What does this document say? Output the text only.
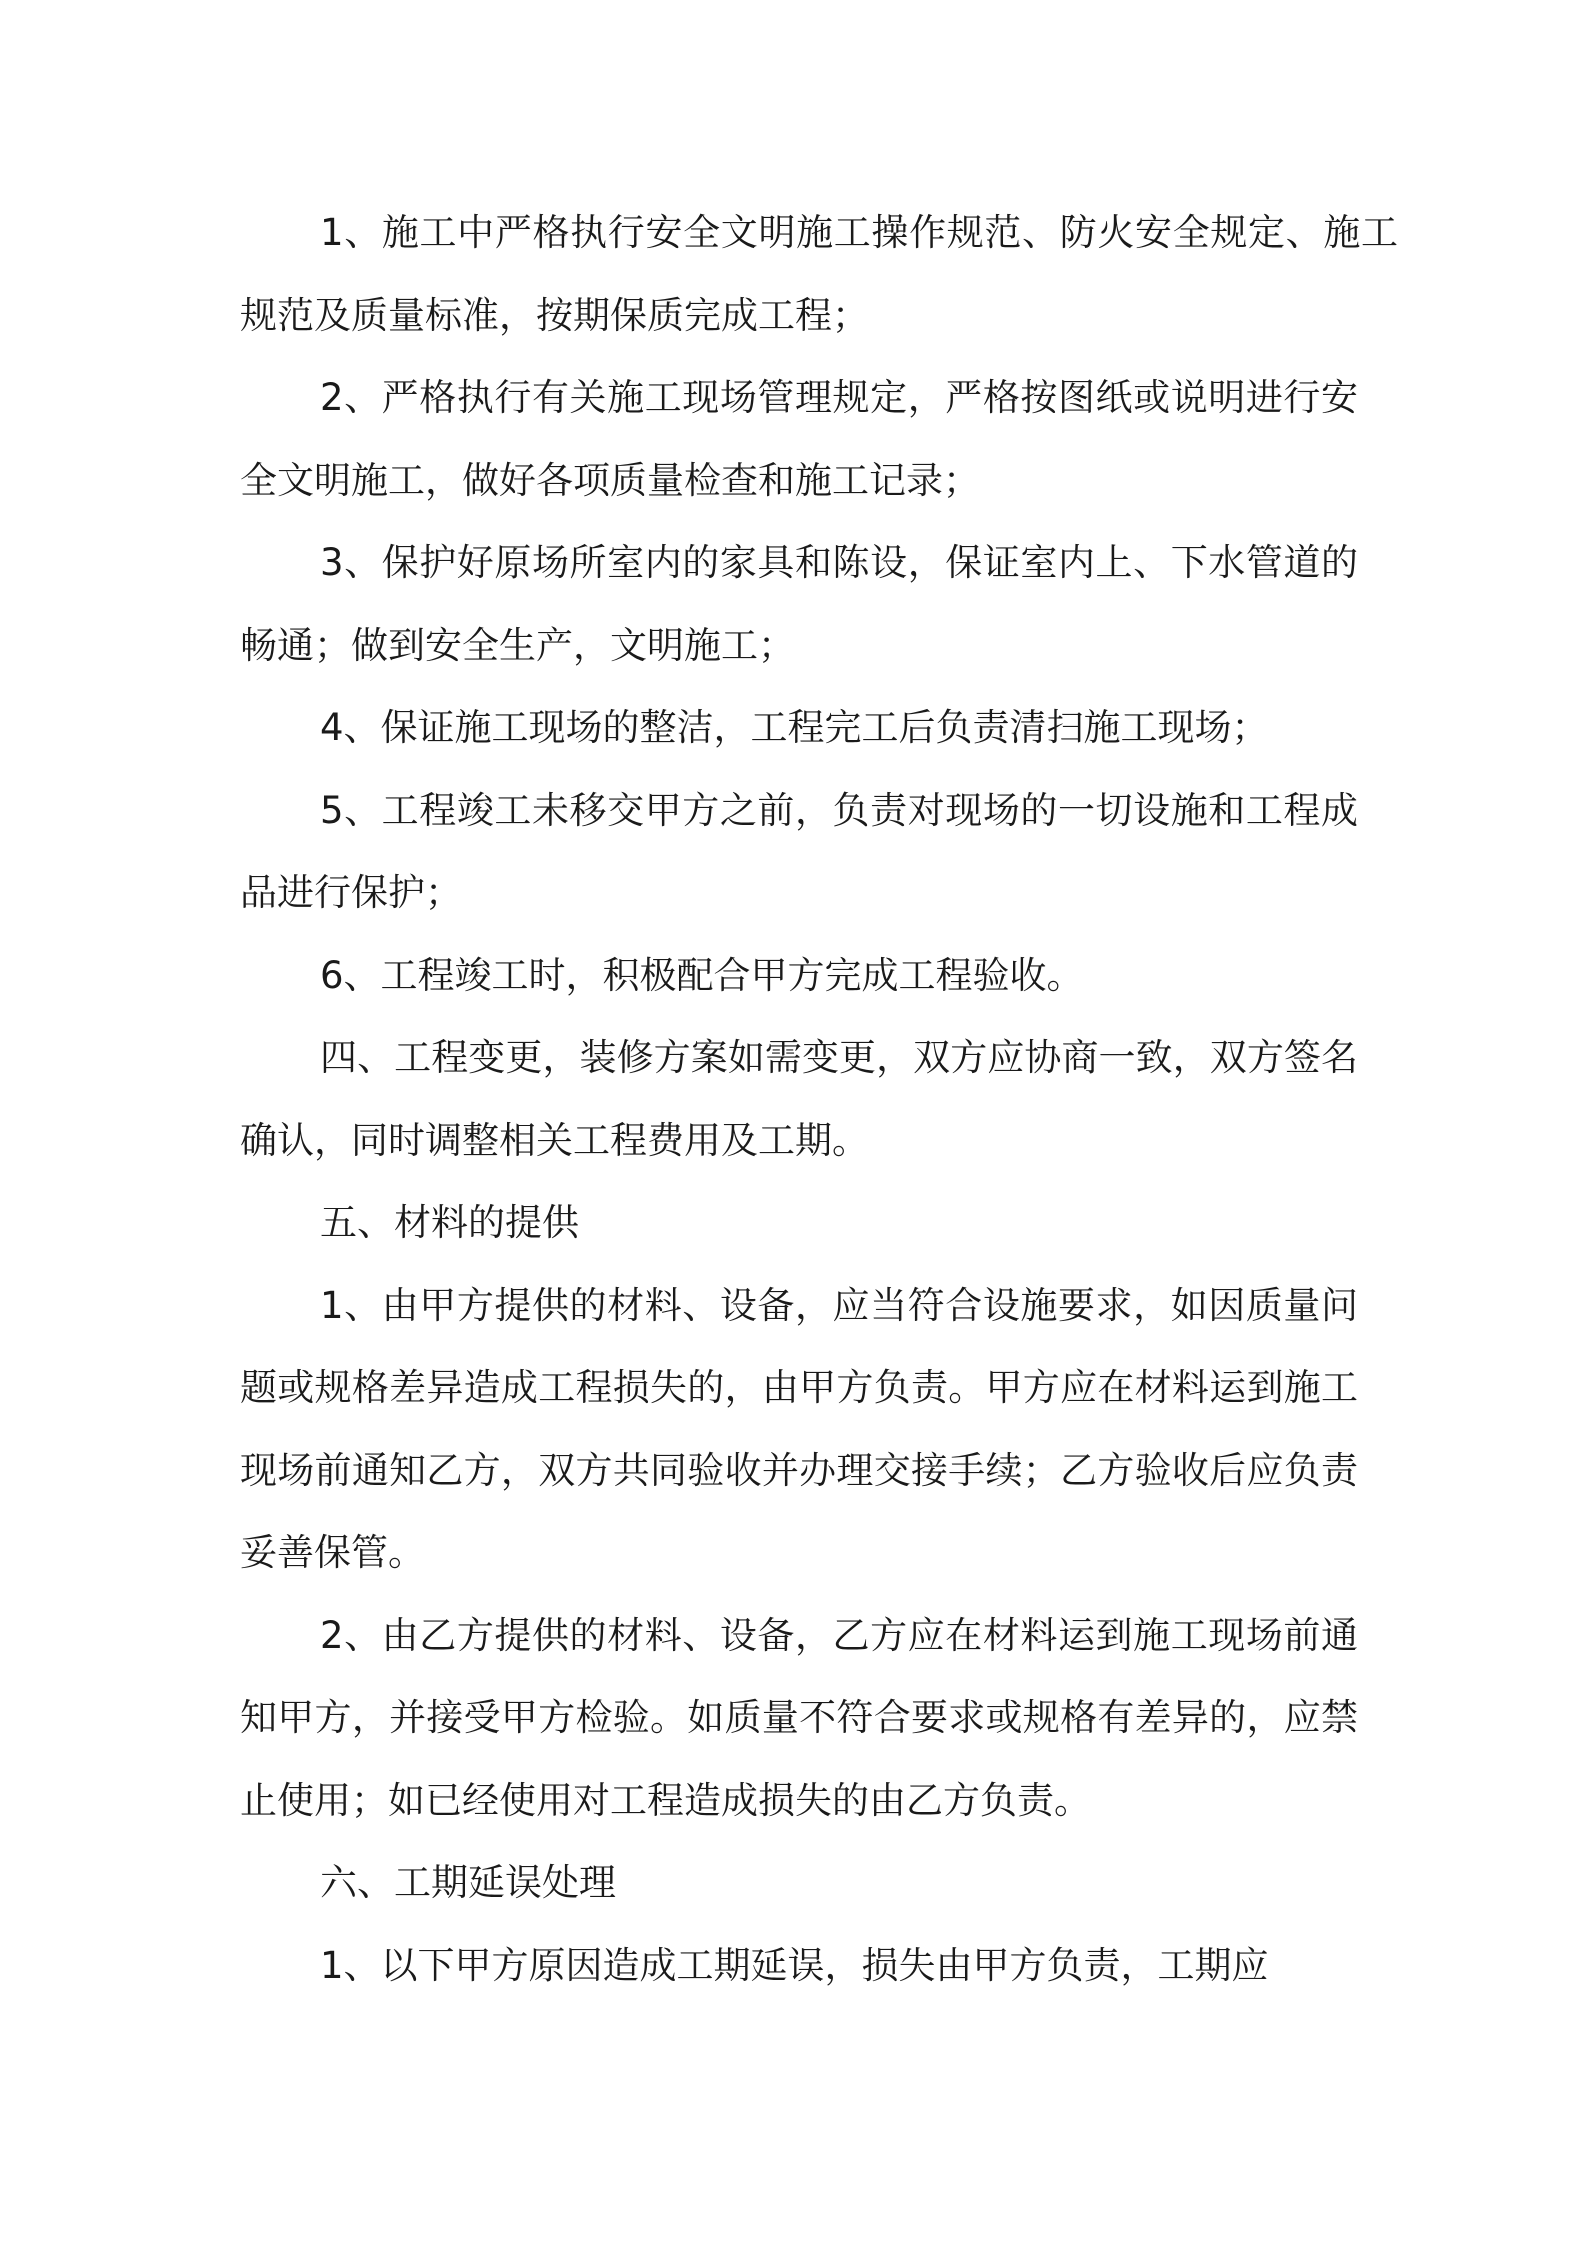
1、施工中严格执行安全文明施工操作规范、防火安全规定、施工规范及质量标准，按期保质完成工程；

2、严格执行有关施工现场管理规定，严格按图纸或说明进行安全文明施工，做好各项质量检查和施工记录；

3、保护好原场所室内的家具和陈设，保证室内上、下水管道的畅通；做到安全生产，文明施工；

4、保证施工现场的整洁，工程完工后负责清扫施工现场；

5、工程竣工未移交甲方之前，负责对现场的一切设施和工程成品进行保护；

6、工程竣工时，积极配合甲方完成工程验收。

四、工程变更，装修方案如需变更，双方应协商一致，双方签名确认，同时调整相关工程费用及工期。

五、材料的提供

1、由甲方提供的材料、设备，应当符合设施要求，如因质量问题或规格差异造成工程损失的，由甲方负责。甲方应在材料运到施工现场前通知乙方，双方共同验收并办理交接手续；乙方验收后应负责妥善保管。

2、由乙方提供的材料、设备，乙方应在材料运到施工现场前通知甲方，并接受甲方检验。如质量不符合要求或规格有差异的，应禁止使用；如已经使用对工程造成损失的由乙方负责。

六、工期延误处理

1、以下甲方原因造成工期延误，损失由甲方负责，工期应
